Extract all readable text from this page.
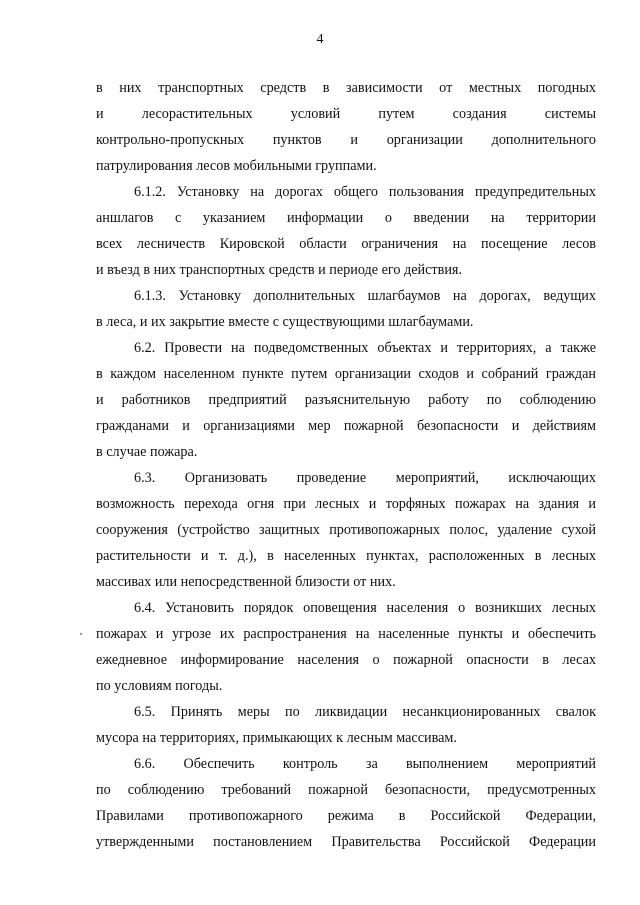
4
в них транспортных средств в зависимости от местных погодных
и лесорастительных условий путем создания системы
контрольно-пропускных пунктов и организации дополнительного
патрулирования лесов мобильными группами.
6.1.2. Установку на дорогах общего пользования предупредительных
аншлагов с указанием информации о введении на территории
всех лесничеств Кировской области ограничения на посещение лесов
и въезд в них транспортных средств и периоде его действия.
6.1.3. Установку дополнительных шлагбаумов на дорогах, ведущих
в леса, и их закрытие вместе с существующими шлагбаумами.
6.2. Провести на подведомственных объектах и территориях, а также
в каждом населенном пункте путем организации сходов и собраний граждан
и работников предприятий разъяснительную работу по соблюдению
гражданами и организациями мер пожарной безопасности и действиям
в случае пожара.
6.3. Организовать проведение мероприятий, исключающих
возможность перехода огня при лесных и торфяных пожарах на здания и
сооружения (устройство защитных противопожарных полос, удаление сухой
растительности и т. д.), в населенных пунктах, расположенных в лесных
массивах или непосредственной близости от них.
6.4. Установить порядок оповещения населения о возникших лесных
пожарах и угрозе их распространения на населенные пункты и обеспечить
ежедневное информирование населения о пожарной опасности в лесах
по условиям погоды.
6.5. Принять меры по ликвидации несанкционированных свалок
мусора на территориях, примыкающих к лесным массивам.
6.6. Обеспечить контроль за выполнением мероприятий
по соблюдению требований пожарной безопасности, предусмотренных
Правилами противопожарного режима в Российской Федерации,
утвержденными постановлением Правительства Российской Федерации
